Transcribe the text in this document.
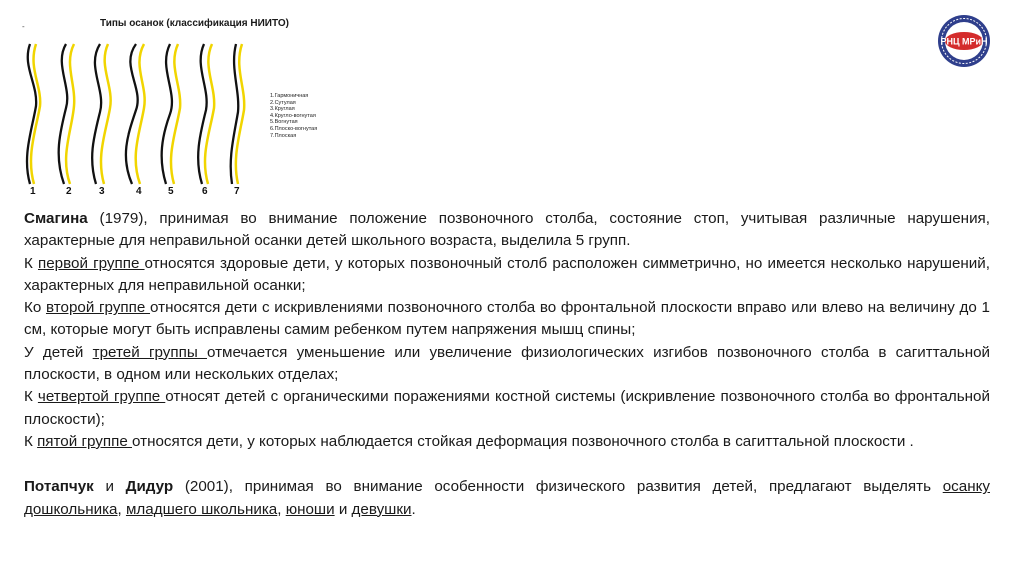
-	Типы осанок (классификация НИИТО)
1	2	3	4	5	6	7
1.Гармоничная
2.Сутулая
3.Круглая
4.Кругло-вогнутая
5.Вогнутая
6.Плоско-вогнутая
7.Плоская
РНЦ МРиН

Смагина (1979), принимая во внимание положение позвоночного столба, состояние стоп, учитывая различные нарушения, характерные для неправильной осанки детей школьного возраста, выделила 5 групп.

К первой группе относятся здоровые дети, у которых позвоночный столб расположен симметрично, но имеется несколько нарушений, характерных для неправильной осанки;

Ко второй группе относятся дети с искривлениями позвоночного столба во фронтальной плоскости вправо или влево на величину до 1 см, которые могут быть исправлены самим ребенком путем напряжения мышц спины;

У детей третей группы отмечается уменьшение или увеличение физиологических изгибов позвоночного столба в сагиттальной плоскости, в одном или нескольких отделах;

К четвертой группе относят детей с органическими поражениями костной системы (искривление позвоночного столба во фронтальной плоскости);

К пятой группе относятся дети, у которых наблюдается стойкая деформация позвоночного столба в сагиттальной плоскости .

Потапчук и Дидур (2001), принимая во внимание особенности физического развития детей, предлагают выделять осанку дошкольника, младшего школьника, юноши и девушки.
